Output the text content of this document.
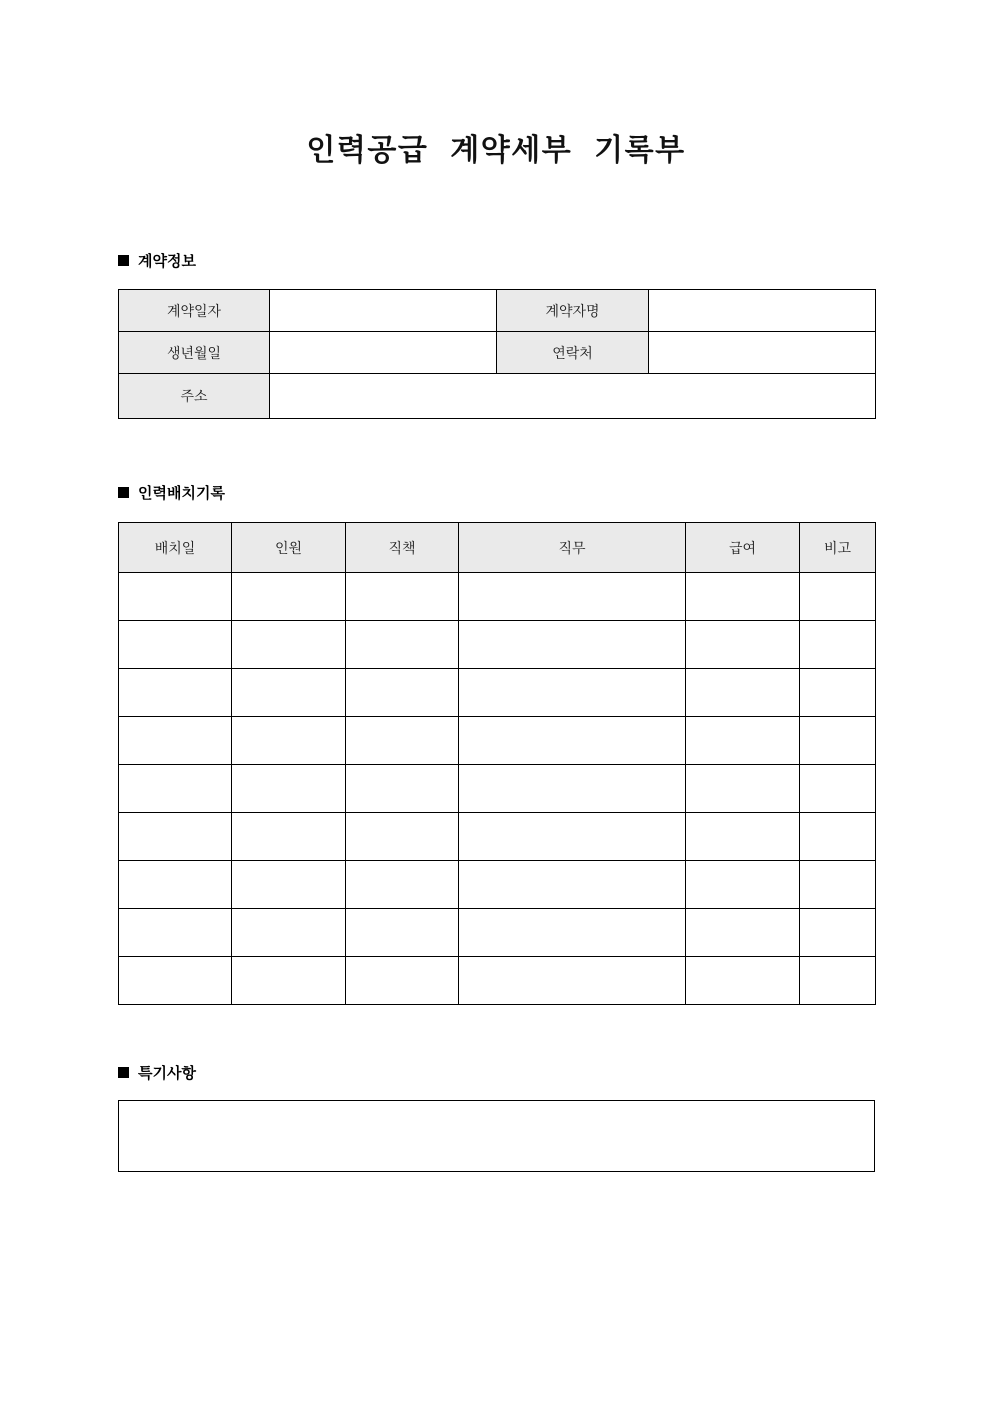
인력공급 계약세부 기록부
계약정보
계약일자		계약자명	
생년월일		연락처	
주소			
인력배치기록
배치일	인원	직책	직무	급여	비고

특기사항
